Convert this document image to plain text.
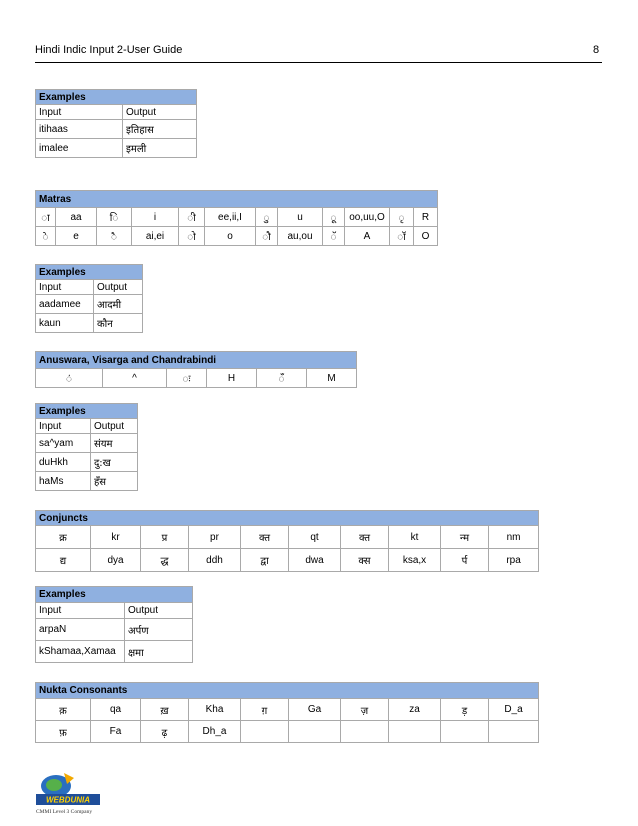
Hindi Indic Input 2-User Guide	8
Examples	
Input	Output
itihaas	इतिहास
imalee	इमली
Matras											
ा	aa	ि	i	ी	ee,ii,I	ु	u	ू	oo,uu,O	ृ	R
े	e	ै	ai,ei	ो	o	ौ	au,ou	ॅ	A	ॉ	O
Examples	
Input	Output
aadamee	आदमी
kaun	कौन
Anuswara, Visarga and Chandrabindi
ं	^	ः	H	ँ	M
Examples	
Input	Output
sa^yam	संयम
duHkh	दु:ख
haMs	हँस
Conjuncts									
क्र	kr	प्र	pr	क्त	qt	क्त	kt	न्म	nm
द्य	dya	द्ध	ddh	द्वा	dwa	क्स	ksa,x	र्प	rpa
Examples	
Input	Output
arpaN	अर्पण
kShamaa,Xamaa	क्षमा
Nukta Consonants										
क़	qa	ख़	Kha	ग़	Ga	ज़	za	ड़	D_a	
फ़	Fa	ढ़	Dh_a								
WEBDUNIA
CMMI Level 3 Company
